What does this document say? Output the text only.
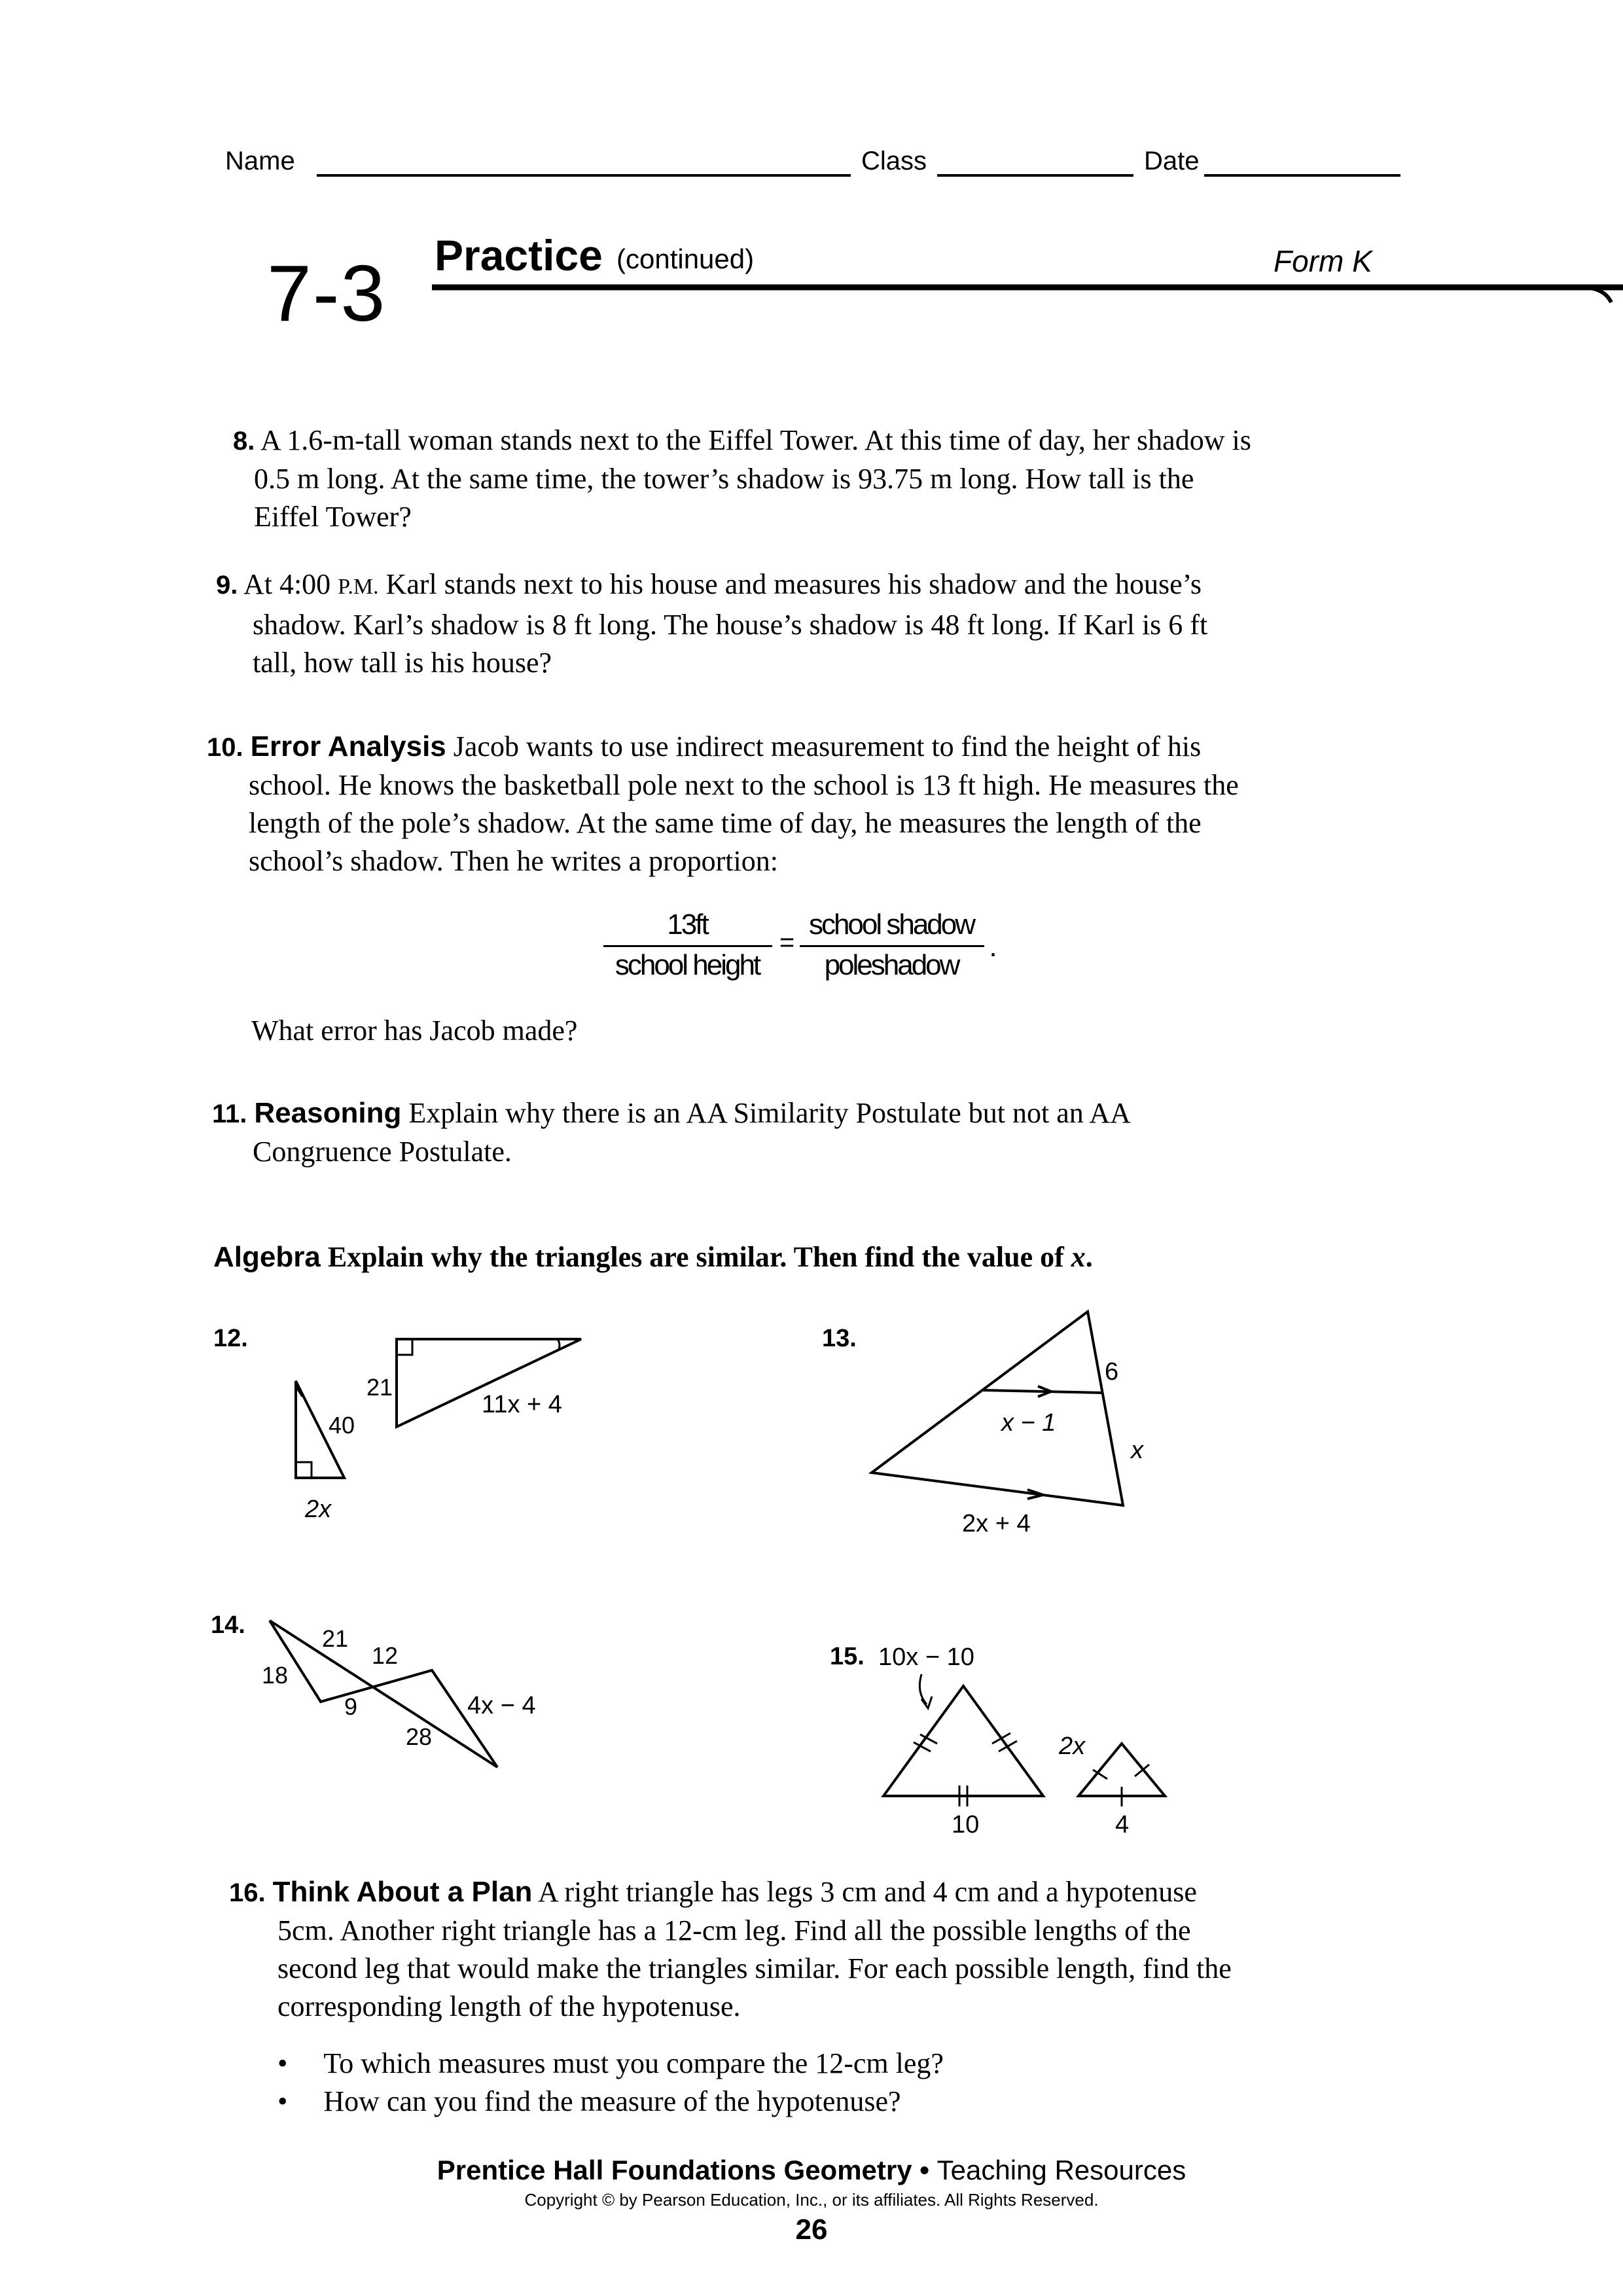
Name	Class	Date
7-3 Practice (continued)	Form K
8. A 1.6-m-tall woman stands next to the Eiffel Tower. At this time of day, her shadow is
0.5 m long. At the same time, the tower’s shadow is 93.75 m long. How tall is the
Eiffel Tower?
9. At 4:00 P.M. Karl stands next to his house and measures his shadow and the house’s
shadow. Karl’s shadow is 8 ft long. The house’s shadow is 48 ft long. If Karl is 6 ft
tall, how tall is his house?
10. Error Analysis Jacob wants to use indirect measurement to find the height of his
school. He knows the basketball pole next to the school is 13 ft high. He measures the
length of the pole’s shadow. At the same time of day, he measures the length of the
school’s shadow. Then he writes a proportion:
13ft
school height
=
school shadow
poleshadow
.
What error has Jacob made?
11. Reasoning Explain why there is an AA Similarity Postulate but not an AA
Congruence Postulate.
Algebra Explain why the triangles are similar. Then find the value of x.
12.
40
2x
21
11x + 4
13.
6
x − 1
x
2x + 4
14.	21
18
12
9	4x − 4
28
15. 10x − 10
10
2x
4
16. Think About a Plan A right triangle has legs 3 cm and 4 cm and a hypotenuse
5cm. Another right triangle has a 12-cm leg. Find all the possible lengths of the
second leg that would make the triangles similar. For each possible length, find the
corresponding length of the hypotenuse.
•     To which measures must you compare the 12-cm leg?
•     How can you find the measure of the hypotenuse?
Prentice Hall Foundations Geometry • Teaching Resources
Copyright © by Pearson Education, Inc., or its affiliates. All Rights Reserved.
26
